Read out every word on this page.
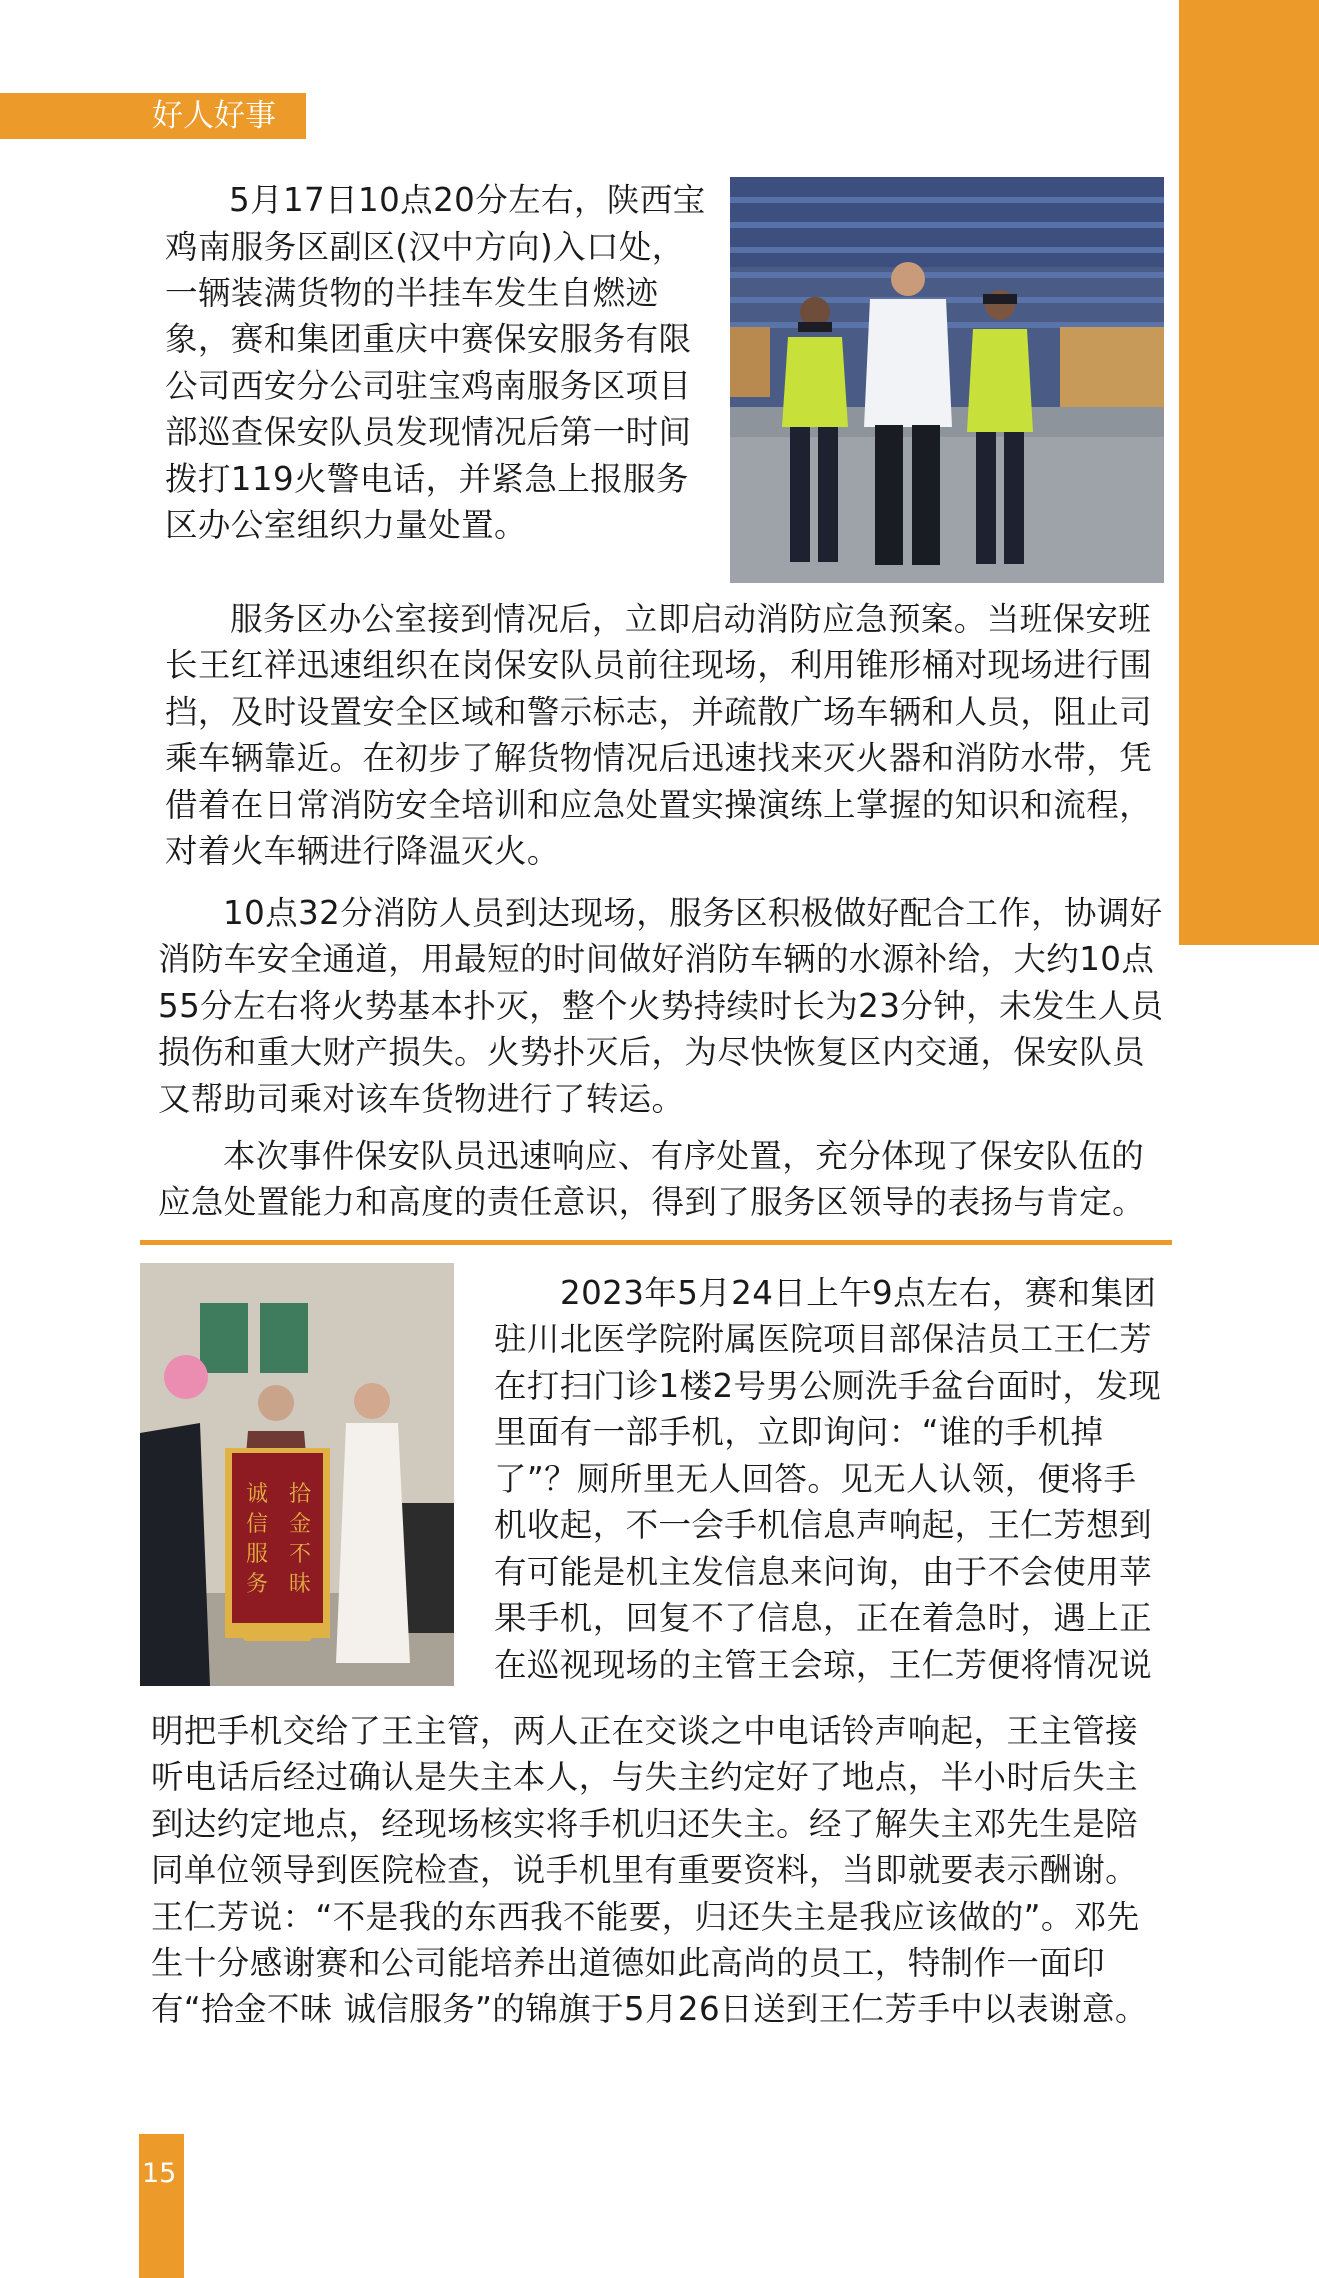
好人好事
5月17日10点20分左右，陕西宝
鸡南服务区副区(汉中方向)入口处，
一辆装满货物的半挂车发生自燃迹
象，赛和集团重庆中赛保安服务有限
公司西安分公司驻宝鸡南服务区项目
部巡查保安队员发现情况后第一时间
拨打119火警电话，并紧急上报服务
区办公室组织力量处置。

服务区办公室接到情况后，立即启动消防应急预案。当班保安班长王红祥迅速组织在岗保安队员前往现场，利用锥形桶对现场进行围挡，及时设置安全区域和警示标志，并疏散广场车辆和人员，阻止司乘车辆靠近。在初步了解货物情况后迅速找来灭火器和消防水带，凭借着在日常消防安全培训和应急处置实操演练上掌握的知识和流程，对着火车辆进行降温灭火。

10点32分消防人员到达现场，服务区积极做好配合工作，协调好消防车安全通道，用最短的时间做好消防车辆的水源补给，大约10点55分左右将火势基本扑灭，整个火势持续时长为23分钟，未发生人员损伤和重大财产损失。火势扑灭后，为尽快恢复区内交通，保安队员又帮助司乘对该车货物进行了转运。

本次事件保安队员迅速响应、有序处置，充分体现了保安队伍的应急处置能力和高度的责任意识，得到了服务区领导的表扬与肯定。

拾
金
不
昧
诚
信
服
务
2023年5月24日上午9点左右，赛和集团
驻川北医学院附属医院项目部保洁员工王仁芳
在打扫门诊1楼2号男公厕洗手盆台面时，发现
里面有一部手机，立即询问：“谁的手机掉
了”？厕所里无人回答。见无人认领，便将手
机收起，不一会手机信息声响起，王仁芳想到
有可能是机主发信息来问询，由于不会使用苹
果手机，回复不了信息，正在着急时，遇上正
在巡视现场的主管王会琼，王仁芳便将情况说

明把手机交给了王主管，两人正在交谈之中电话铃声响起，王主管接听电话后经过确认是失主本人，与失主约定好了地点，半小时后失主到达约定地点，经现场核实将手机归还失主。经了解失主邓先生是陪同单位领导到医院检查，说手机里有重要资料，当即就要表示酬谢。王仁芳说：“不是我的东西我不能要，归还失主是我应该做的”。邓先生十分感谢赛和公司能培养出道德如此高尚的员工，特制作一面印有“拾金不昧 诚信服务”的锦旗于5月26日送到王仁芳手中以表谢意。

15
